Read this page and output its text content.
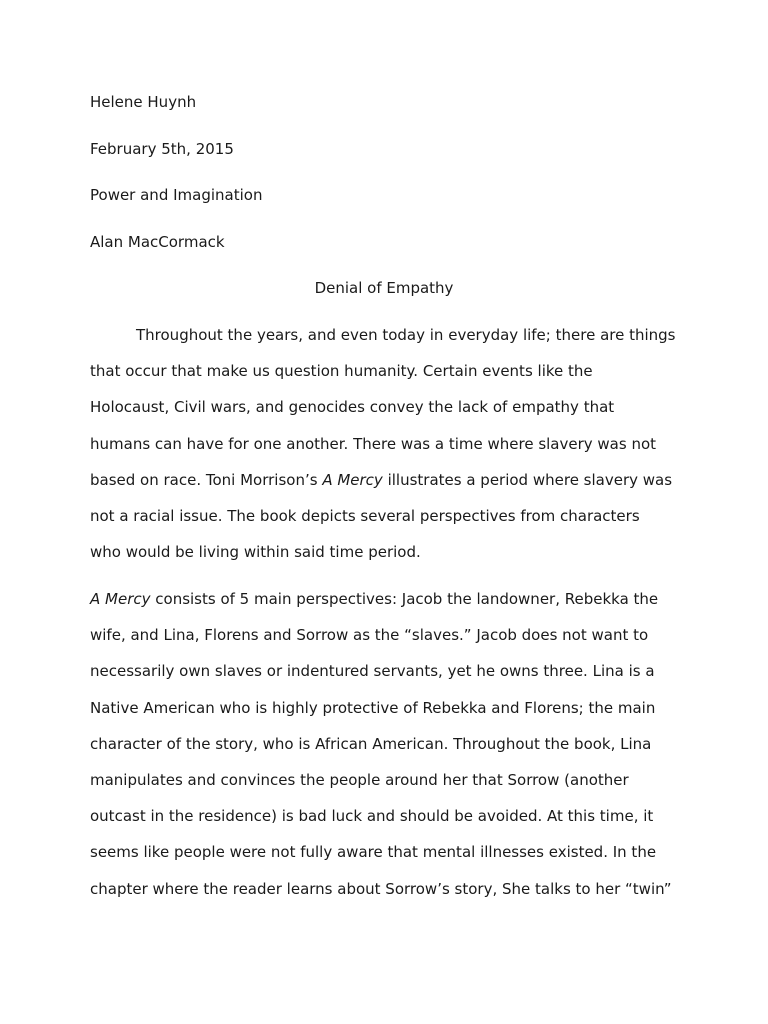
Helene Huynh
February 5th, 2015
Power and Imagination
Alan MacCormack
Denial of Empathy
Throughout the years, and even today in everyday life; there are things
that occur that make us question humanity. Certain events like the
Holocaust, Civil wars, and genocides convey the lack of empathy that
humans can have for one another. There was a time where slavery was not
based on race. Toni Morrison’s A Mercy illustrates a period where slavery was
not a racial issue. The book depicts several perspectives from characters
who would be living within said time period.
A Mercy consists of 5 main perspectives: Jacob the landowner, Rebekka the
wife, and Lina, Florens and Sorrow as the “slaves.” Jacob does not want to
necessarily own slaves or indentured servants, yet he owns three. Lina is a
Native American who is highly protective of Rebekka and Florens; the main
character of the story, who is African American. Throughout the book, Lina
manipulates and convinces the people around her that Sorrow (another
outcast in the residence) is bad luck and should be avoided. At this time, it
seems like people were not fully aware that mental illnesses existed. In the
chapter where the reader learns about Sorrow’s story, She talks to her “twin”
